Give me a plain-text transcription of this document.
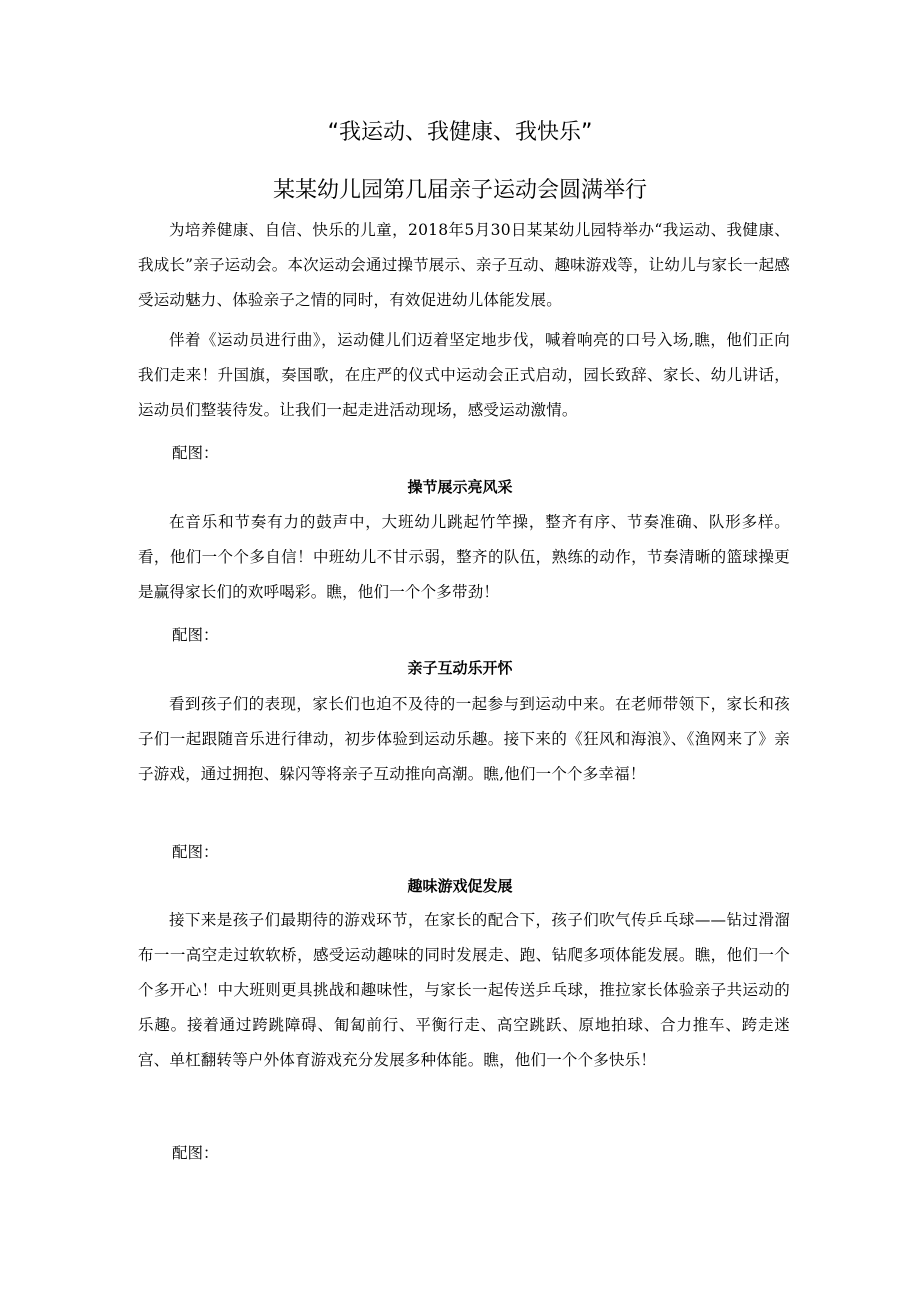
“我运动、我健康、我快乐”
某某幼儿园第几届亲子运动会圆满举行

为培养健康、自信、快乐的儿童，2018年5月30日某某幼儿园特举办“我运动、我健康、我成长”亲子运动会。本次运动会通过操节展示、亲子互动、趣味游戏等，让幼儿与家长一起感受运动魅力、体验亲子之情的同时，有效促进幼儿体能发展。

伴着《运动员进行曲》，运动健儿们迈着坚定地步伐，喊着响亮的口号入场,瞧，他们正向我们走来！升国旗，奏国歌，在庄严的仪式中运动会正式启动，园长致辞、家长、幼儿讲话，运动员们整装待发。让我们一起走进活动现场，感受运动激情。

配图：
操节展示亮风采

在音乐和节奏有力的鼓声中，大班幼儿跳起竹竿操，整齐有序、节奏准确、队形多样。看，他们一个个多自信！中班幼儿不甘示弱，整齐的队伍，熟练的动作，节奏清晰的篮球操更是赢得家长们的欢呼喝彩。瞧，他们一个个多带劲！

配图：
亲子互动乐开怀

看到孩子们的表现，家长们也迫不及待的一起参与到运动中来。在老师带领下，家长和孩子们一起跟随音乐进行律动，初步体验到运动乐趣。接下来的《狂风和海浪》、《渔网来了》亲子游戏，通过拥抱、躲闪等将亲子互动推向高潮。瞧,他们一个个多幸福！

配图：
趣味游戏促发展

接下来是孩子们最期待的游戏环节，在家长的配合下，孩子们吹气传乒乓球——钻过滑溜布一一高空走过软软桥，感受运动趣味的同时发展走、跑、钻爬多项体能发展。瞧，他们一个个多开心！中大班则更具挑战和趣味性，与家长一起传送乒乓球，推拉家长体验亲子共运动的乐趣。接着通过跨跳障碍、匍匐前行、平衡行走、高空跳跃、原地拍球、合力推车、跨走迷宫、单杠翻转等户外体育游戏充分发展多种体能。瞧，他们一个个多快乐！

配图：
